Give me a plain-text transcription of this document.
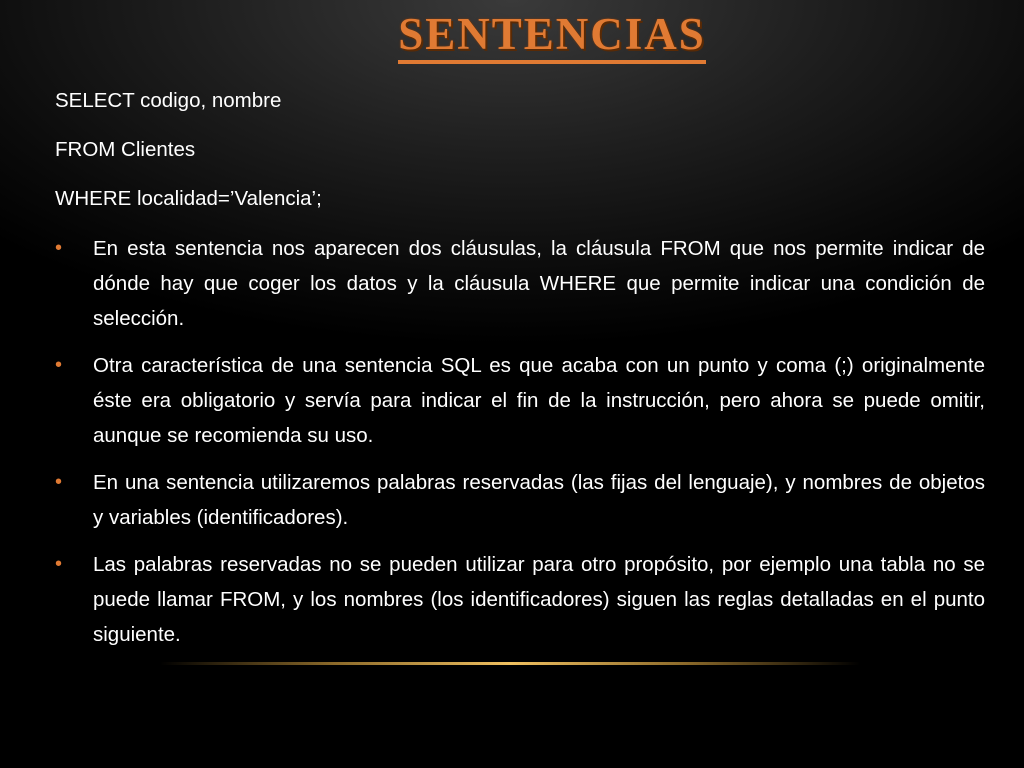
SENTENCIAS
SELECT codigo, nombre
FROM Clientes
WHERE localidad=’Valencia’;
• En esta sentencia nos aparecen dos cláusulas, la cláusula FROM que nos permite indicar de dónde hay que coger los datos y la cláusula WHERE que permite indicar una condición de selección.
• Otra característica de una sentencia SQL es que acaba con un punto y coma (;) originalmente éste era obligatorio y servía para indicar el fin de la instrucción, pero ahora se puede omitir, aunque se recomienda su uso.
• En una sentencia utilizaremos palabras reservadas (las fijas del lenguaje), y nombres de objetos y variables (identificadores).
• Las palabras reservadas no se pueden utilizar para otro propósito, por ejemplo una tabla no se puede llamar FROM, y los nombres (los identificadores) siguen las reglas detalladas en el punto siguiente.
